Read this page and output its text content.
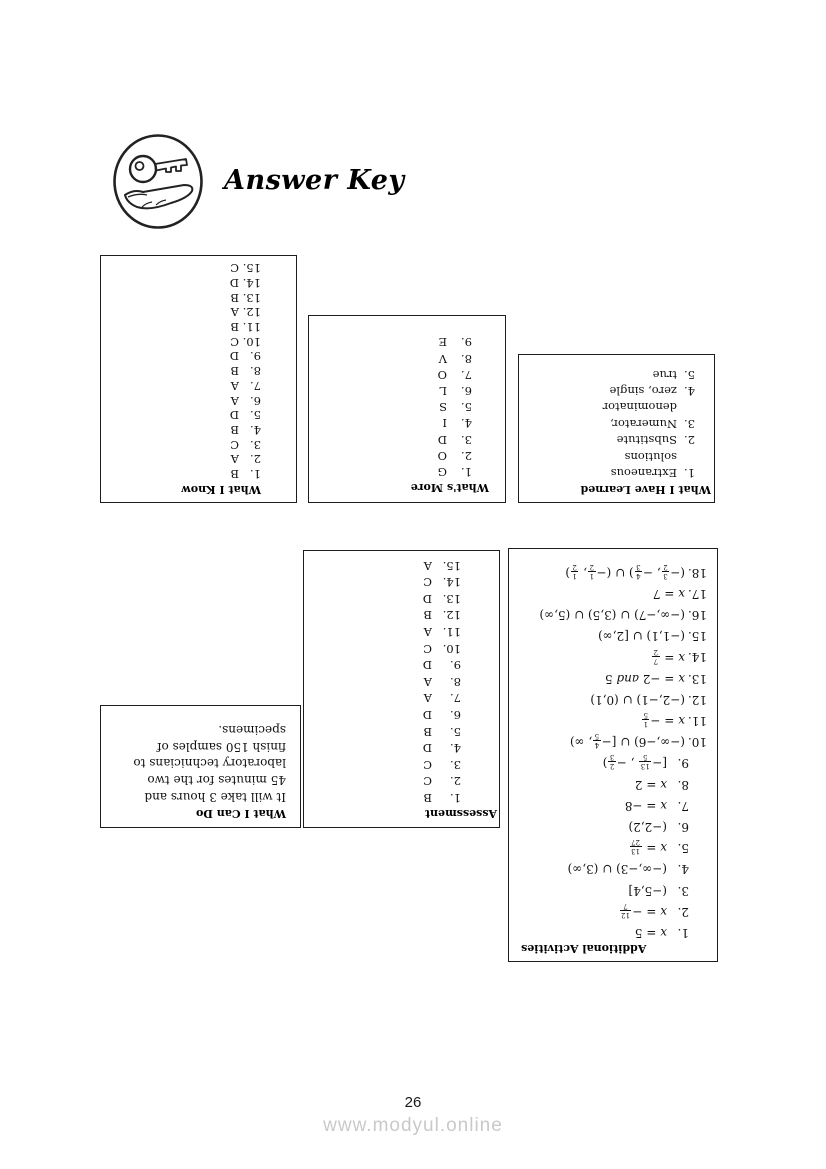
Answer Key
What I Know
1.
B
2.
A
3.
C
4.
B
5.
D
6.
A
7.
A
8.
B
9.
D
10.
C
11.
B
12.
A
13.
B
14.
D
15.
C
What's More
1.
G
2.
O
3.
D
4.
I
5.
S
6.
L
7.
O
8.
V
9.
E
What I Have Learned
1.
Extraneous solutions
2.
Substitute
3.
Numerator, denominator
4.
zero, single
5.
true
Assessment
1.
B
2.
C
3.
C
4.
D
5.
B
6.
D
7.
A
8.
A
9.
D
10.
C
11.
A
12.
B
13.
D
14.
C
15.
A
Additional Activities
1.
x = 5
2.
x = −
12
7
3.
(−5,4]
4.
(−∞,−3) ∪ (3,∞)
5.
x =
13
27
6.
(−2,2)
7.
x = −8
8.
x = 2
9.
[−
13
5
, −
2
3
)
10.
(−∞,−6) ∪ [−
4
5
, ∞)
11.
x = −
1
5
12.
(−2,−1) ∪ (0,1)
13.
x = −2 and 5
14.
x =
7
2
15.
(−1,1) ∪ [2,∞)
16.
(−∞,−7) ∪ (3,5) ∪ (5,∞)
17.
x = 7
18.
(−
3
2
, −
4
3
) ∪ (−
1
2
,
1
2
)
What I Can Do

It will take 3 hours and 45 minutes for the two laboratory technicians to finish 150 samples of specimens.

26
www.modyul.online
